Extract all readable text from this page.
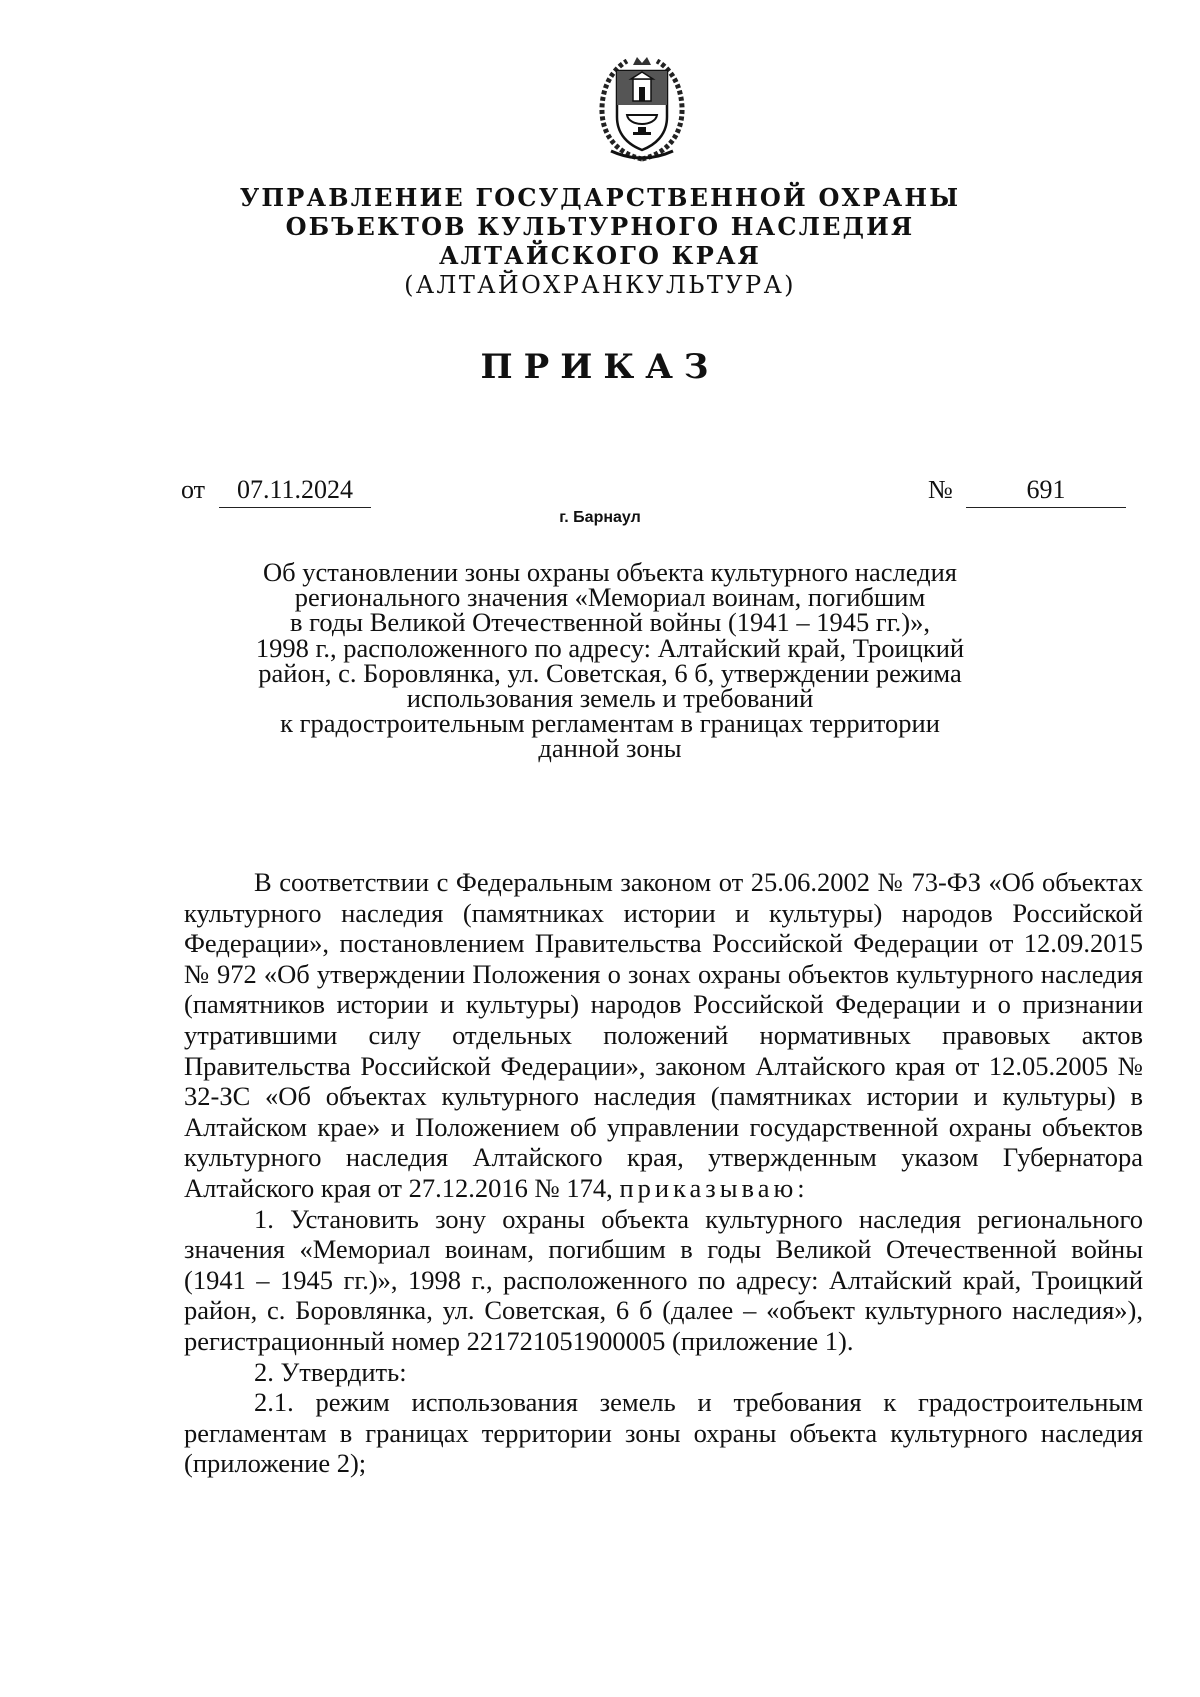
УПРАВЛЕНИЕ ГОСУДАРСТВЕННОЙ ОХРАНЫ
ОБЪЕКТОВ КУЛЬТУРНОГО НАСЛЕДИЯ
АЛТАЙСКОГО КРАЯ
(АЛТАЙОХРАНКУЛЬТУРА)
ПРИКАЗ
от	07.11.2024	№	691
г. Барнаул
Об установлении зоны охраны объекта культурного наследия
регионального значения «Мемориал воинам, погибшим
в годы Великой Отечественной войны (1941 – 1945 гг.)»,
1998 г., расположенного по адресу: Алтайский край, Троицкий
район, с. Боровлянка, ул. Советская, 6 б, утверждении режима
использования земель и требований
к градостроительным регламентам в границах территории
данной зоны

В соответствии с Федеральным законом от 25.06.2002 № 73-ФЗ «Об объектах культурного наследия (памятниках истории и культуры) народов Российской Федерации», постановлением Правительства Российской Федерации от 12.09.2015 № 972 «Об утверждении Положения о зонах охраны объектов культурного наследия (памятников истории и культуры) народов Российской Федерации и о признании утратившими силу отдельных положений нормативных правовых актов Правительства Российской Федерации», законом Алтайского края от 12.05.2005 № 32-ЗС «Об объектах культурного наследия (памятниках истории и культуры) в Алтайском крае» и Положением об управлении государственной охраны объектов культурного наследия Алтайского края, утвержденным указом Губернатора Алтайского края от 27.12.2016 № 174, приказываю:

1. Установить зону охраны объекта культурного наследия регионального значения «Мемориал воинам, погибшим в годы Великой Отечественной войны (1941 – 1945 гг.)», 1998 г., расположенного по адресу: Алтайский край, Троицкий район, с. Боровлянка, ул. Советская, 6 б (далее – «объект культурного наследия»), регистрационный номер 221721051900005 (приложение 1).

2. Утвердить:

2.1. режим использования земель и требования к градостроительным регламентам в границах территории зоны охраны объекта культурного наследия (приложение 2);
